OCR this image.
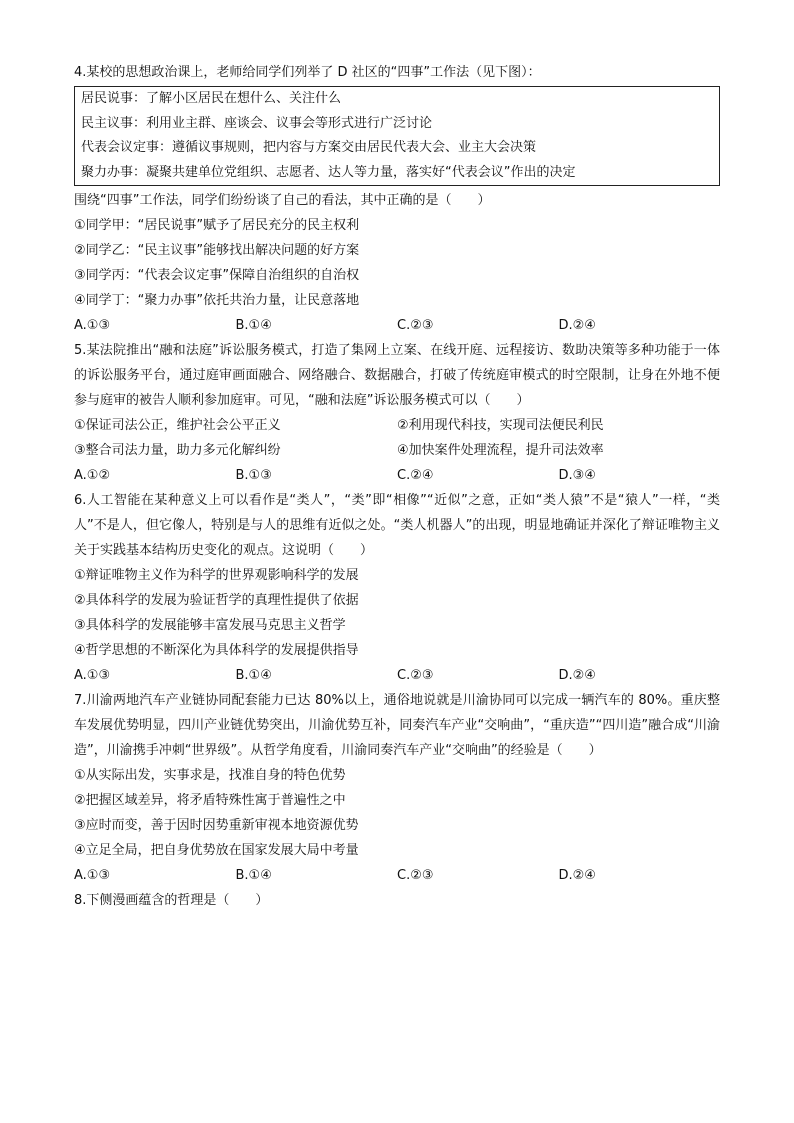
4.某校的思想政治课上，老师给同学们列举了 D 社区的“四事”工作法（见下图）：
居民说事：了解小区居民在想什么、关注什么
民主议事：利用业主群、座谈会、议事会等形式进行广泛讨论
代表会议定事：遵循议事规则，把内容与方案交由居民代表大会、业主大会决策
聚力办事：凝聚共建单位党组织、志愿者、达人等力量，落实好“代表会议”作出的决定
围绕“四事”工作法，同学们纷纷谈了自己的看法，其中正确的是（　　）
①同学甲：“居民说事”赋予了居民充分的民主权利
②同学乙：“民主议事”能够找出解决问题的好方案
③同学丙：“代表会议定事”保障自治组织的自治权
④同学丁：“聚力办事”依托共治力量，让民意落地
A.①③	B.①④	C.②③	D.②④
5.某法院推出“融和法庭”诉讼服务模式，打造了集网上立案、在线开庭、远程接访、数助决策等多种功能于一体的诉讼服务平台，通过庭审画面融合、网络融合、数据融合，打破了传统庭审模式的时空限制，让身在外地不便参与庭审的被告人顺利参加庭审。可见，“融和法庭”诉讼服务模式可以（　　）
①保证司法公正，维护社会公平正义	②利用现代科技，实现司法便民利民
③整合司法力量，助力多元化解纠纷	④加快案件处理流程，提升司法效率
A.①②	B.①③	C.②④	D.③④
6.人工智能在某种意义上可以看作是“类人”，“类”即“相像”“近似”之意，正如“类人猿”不是“猿人”一样，“类人”不是人，但它像人，特别是与人的思维有近似之处。“类人机器人”的出现，明显地确证并深化了辩证唯物主义关于实践基本结构历史变化的观点。这说明（　　）
①辩证唯物主义作为科学的世界观影响科学的发展
②具体科学的发展为验证哲学的真理性提供了依据
③具体科学的发展能够丰富发展马克思主义哲学
④哲学思想的不断深化为具体科学的发展提供指导
A.①③	B.①④	C.②③	D.②④
7.川渝两地汽车产业链协同配套能力已达 80%以上，通俗地说就是川渝协同可以完成一辆汽车的 80%。重庆整车发展优势明显，四川产业链优势突出，川渝优势互补，同奏汽车产业“交响曲”，“重庆造”“四川造”融合成“川渝造”，川渝携手冲刺“世界级”。从哲学角度看，川渝同奏汽车产业“交响曲”的经验是（　　）
①从实际出发，实事求是，找准自身的特色优势
②把握区域差异，将矛盾特殊性寓于普遍性之中
③应时而变，善于因时因势重新审视本地资源优势
④立足全局，把自身优势放在国家发展大局中考量
A.①③	B.①④	C.②③	D.②④
8.下侧漫画蕴含的哲理是（　　）
